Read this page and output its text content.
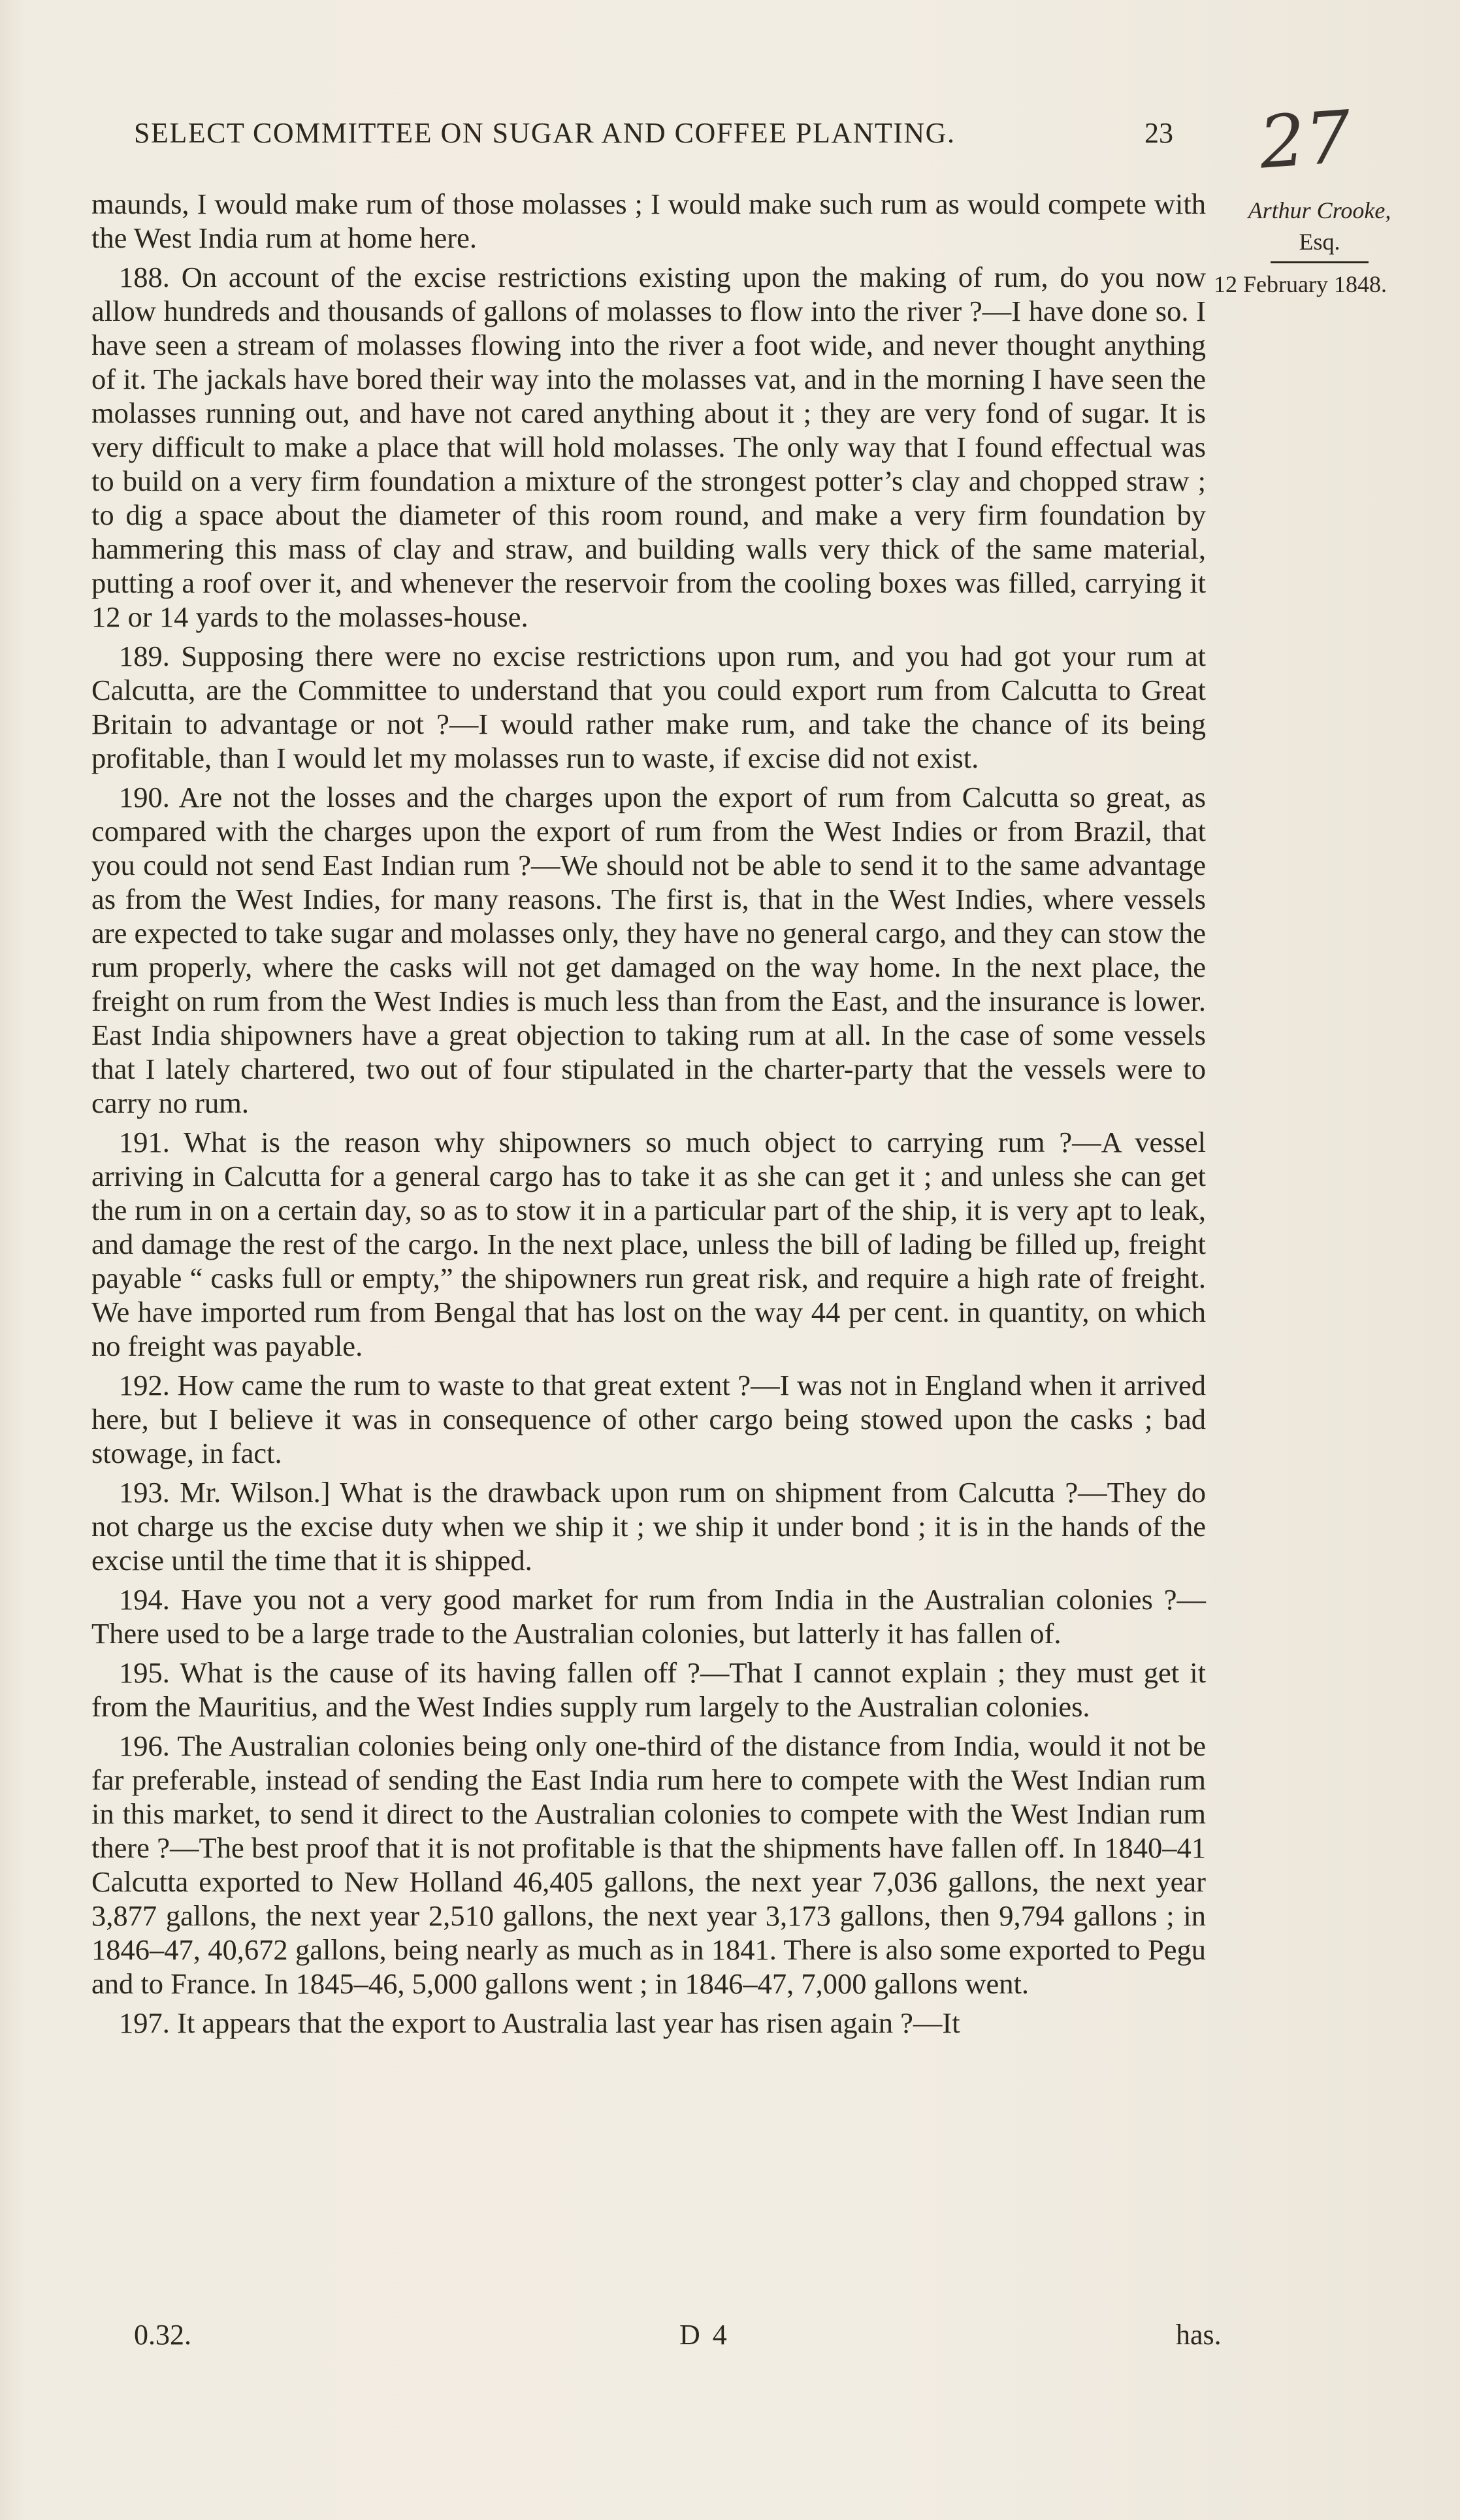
SELECT COMMITTEE ON SUGAR AND COFFEE PLANTING.	23 27
Arthur Crooke,
Esq.
12 February 1848.

maunds, I would make rum of those molasses ; I would make such rum as would compete with the West India rum at home here.

188. On account of the excise restrictions existing upon the making of rum, do you now allow hundreds and thousands of gallons of molasses to flow into the river ?—I have done so. I have seen a stream of molasses flowing into the river a foot wide, and never thought anything of it. The jackals have bored their way into the molasses vat, and in the morning I have seen the molasses running out, and have not cared anything about it ; they are very fond of sugar. It is very difficult to make a place that will hold molasses. The only way that I found effectual was to build on a very firm foundation a mixture of the strongest potter’s clay and chopped straw ; to dig a space about the diameter of this room round, and make a very firm foundation by hammering this mass of clay and straw, and building walls very thick of the same material, putting a roof over it, and whenever the reservoir from the cooling boxes was filled, carrying it 12 or 14 yards to the molasses-house.

189. Supposing there were no excise restrictions upon rum, and you had got your rum at Calcutta, are the Committee to understand that you could export rum from Calcutta to Great Britain to advantage or not ?—I would rather make rum, and take the chance of its being profitable, than I would let my molasses run to waste, if excise did not exist.

190. Are not the losses and the charges upon the export of rum from Calcutta so great, as compared with the charges upon the export of rum from the West Indies or from Brazil, that you could not send East Indian rum ?—We should not be able to send it to the same advantage as from the West Indies, for many reasons. The first is, that in the West Indies, where vessels are expected to take sugar and molasses only, they have no general cargo, and they can stow the rum properly, where the casks will not get damaged on the way home. In the next place, the freight on rum from the West Indies is much less than from the East, and the insurance is lower. East India shipowners have a great objection to taking rum at all. In the case of some vessels that I lately chartered, two out of four stipulated in the charter-party that the vessels were to carry no rum.

191. What is the reason why shipowners so much object to carrying rum ?—A vessel arriving in Calcutta for a general cargo has to take it as she can get it ; and unless she can get the rum in on a certain day, so as to stow it in a particular part of the ship, it is very apt to leak, and damage the rest of the cargo. In the next place, unless the bill of lading be filled up, freight payable “ casks full or empty,” the shipowners run great risk, and require a high rate of freight. We have imported rum from Bengal that has lost on the way 44 per cent. in quantity, on which no freight was payable.

192. How came the rum to waste to that great extent ?—I was not in England when it arrived here, but I believe it was in consequence of other cargo being stowed upon the casks ; bad stowage, in fact.

193. Mr. Wilson.] What is the drawback upon rum on shipment from Calcutta ?—They do not charge us the excise duty when we ship it ; we ship it under bond ; it is in the hands of the excise until the time that it is shipped.

194. Have you not a very good market for rum from India in the Australian colonies ?—There used to be a large trade to the Australian colonies, but latterly it has fallen of.

195. What is the cause of its having fallen off ?—That I cannot explain ; they must get it from the Mauritius, and the West Indies supply rum largely to the Australian colonies.

196. The Australian colonies being only one-third of the distance from India, would it not be far preferable, instead of sending the East India rum here to compete with the West Indian rum in this market, to send it direct to the Australian colonies to compete with the West Indian rum there ?—The best proof that it is not profitable is that the shipments have fallen off. In 1840–41 Calcutta exported to New Holland 46,405 gallons, the next year 7,036 gallons, the next year 3,877 gallons, the next year 2,510 gallons, the next year 3,173 gallons, then 9,794 gallons ; in 1846–47, 40,672 gallons, being nearly as much as in 1841. There is also some exported to Pegu and to France. In 1845–46, 5,000 gallons went ; in 1846–47, 7,000 gallons went.

197. It appears that the export to Australia last year has risen again ?—It

0.32.	D 4	has.
